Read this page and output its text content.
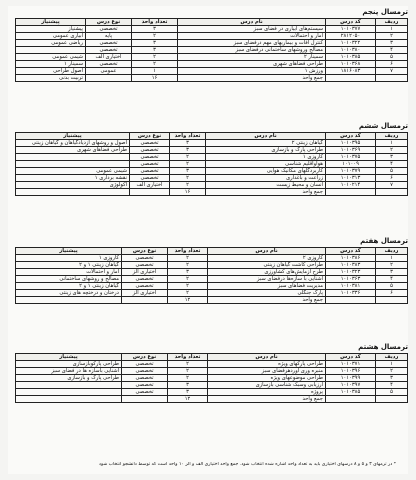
ترمسال پنجم
ردیف	کد درس	نام درس	تعداد واحد	نوع درس	پیشنیاز
۱	۱۰۱۰۳۷۷	سیستم‌های آبیاری در فضای سبز	۳	تخصصی	پیشنیاز
۲	۲۸۱۲۰۵۰	آمار و احتمالات	۲	پایه	آبیاری عمومی
۳	۱۰۱۰۳۲۲	کنترل آفات و بیماریهای مهم درفضای سبز	۳	تخصصی	ریاضی عمومی
۴	۱۰۱۰۳۸۰	مصالح وروشهای ساختمانی درفضای سبز	۳	تخصصی	
۵	۱۰۱۰۳۸۵	سمینار ۲	۲	اختیاری الف	شیمی عمومی
۶	۱۰۱۰۳۶۸	طراحی فضاهای شهری	۲	تخصصی	سمینار ۱
۷	۱۸۱۶۰۸۳	ورزش ۱	۱	عمومی	اصول طراحی
		جمع واحد	۱۶		تربیت بدنی
ترمسال ششم
ردیف	کد درس	نام درس	تعداد واحد	نوع درس	پیشنیاز
۱	۱۰۱۰۳۹۵	گیاهان زینتی ۲	۳	تخصصی	اصول و روشهای ازدیادگیاهان و گیاهان زینتی
۲	۱۰۱۰۳۶۹	طراحی پارک و بازسازی	۳	تخصصی	طراحی فضاهای شهری
۳	۱۰۱۰۳۷۵	کاروزی ۱	۲	تخصصی	
۴	۱۰۱۰۰۹	هواوآقلیم شناسی	۲	تخصصی	
۵	۱۰۱۰۳۷۹	کاربردگلهای مکانیک هوایی	۳	تخصصی	شیمی عمومی
۶	۱۰۱۰۳۱۳	زراعت و باغداری	۲	تخصصی	نقشه برداری ۱
۷	۱۰۱۰۲۱۴	انسان و محیط زیست	۲	اختیاری الف	اکولوژی
		جمع واحد	۱۶		
ترمسال هفتم
ردیف	کد درس	نام درس	تعداد واحد	نوع درس	پیشنیاز
۱	۱۰۱۰۳۸۶	کاروزی ۲	۲	تخصصی	کاروزی ۱
۲	۱۰۱۰۳۸۳	طراحی کاشت گیاهان زینتی	۲	تخصصی	گیاهان زینتی ۱ و ۲
۳	۱۰۱۰۳۲۳	طرح آزمایش‌های کشاورزی	۳	اختیاری الز	آمار و احتمالات
۴	۱۰۱۰۳۶۳	آشنایی با سازه‌ها درفضای سبز	۲	تخصصی	مصالح و روشهای ساختمانی
۵	۱۰۱۰۳۸۱	مدیریت فضاهای سبز	۲	تخصصی	گیاهان زینتی ۱ و ۲
۶	۱۰۱۰۳۳۶	پارک جنگلی	۲	اختیاری الز	درختان و درختچه های زینتی
		جمع واحد	۱۲		
ترمسال هشتم
ردیف	کد درس	نام درس	تعداد واحد	نوع درس	پیشنیاز
۱	۱۰۱۰۳۷۱	طراحی پارکهای ویژه	۲	تخصصی	طراحی پارکوبازسازی
۲	۱۰۱۰۳۹۶	منبره وری آوردهرفضای سبز	۲	تخصصی	آشنایی باسازه ها در فضای سبز
۳	۱۰۱۰۳۹۹	طراحی موضوعهای ویژه	۲	تخصصی	طراحی پارک و بازسازی
۴	۱۰۱۰۳۹۷	ارزیابی وسبک شناسی بازسازی	۳	تخصصی	
۵	۱۰۱۰۳۸۵	پروژه	۳	تخصصی	
		جمع واحد	۱۲		
* در ترمهای ۳ و ۵ و ۸ درسهای اختیاری باید به تعداد واحد اشاره شده انتخاب شود. جمع واحد اختیاری الف و الز ۱۰ واحد است که توسط دانشجو انتخاب شود
